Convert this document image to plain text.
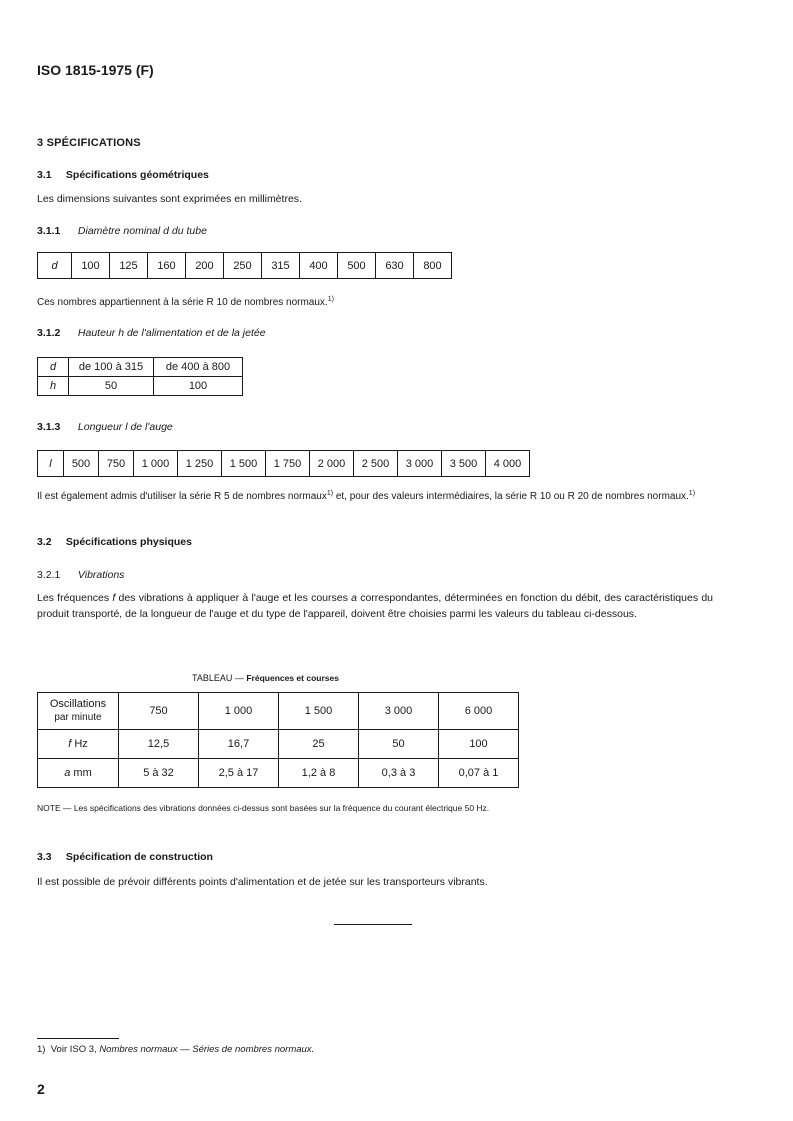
ISO 1815-1975 (F)
3 SPÉCIFICATIONS
3.1 Spécifications géométriques
Les dimensions suivantes sont exprimées en millimètres.
3.1.1 Diamètre nominal d du tube
d	100	125	160	200	250	315	400	500	630	800
Ces nombres appartiennent à la série R 10 de nombres normaux.$^{1)}$
3.1.2 Hauteur h de l'alimentation et de la jetée
d	de 100 à 315	de 400 à 800
h	50	100
3.1.3 Longueur l de l'auge
l	500	750	1 000	1 250	1 500	1 750	2 000	2 500	3 000	3 500	4 000
Il est également admis d'utiliser la série R 5 de nombres normaux$^{1)}$ et, pour des valeurs intermédiaires, la série R 10 ou R 20 de nombres normaux.$^{1)}$
3.2 Spécifications physiques
3.2.1 Vibrations
Les fréquences f des vibrations à appliquer à l'auge et les courses a correspondantes, déterminées en fonction du débit, des caractéristiques du produit transporté, de la longueur de l'auge et du type de l'appareil, doivent être choisies parmi les valeurs du tableau ci-dessous.
TABLEAU — Fréquences et courses
Oscillations
par minute	750	1 000	1 500	3 000	6 000
f Hz	12,5	16,7	25	50	100
a mm	5 à 32	2,5 à 17	1,2 à 8	0,3 à 3	0,07 à 1
NOTE — Les spécifications des vibrations données ci-dessus sont basées sur la fréquence du courant électrique 50 Hz.
3.3 Spécification de construction
Il est possible de prévoir différents points d'alimentation et de jetée sur les transporteurs vibrants.
1) Voir ISO 3, Nombres normaux — Séries de nombres normaux.
2
